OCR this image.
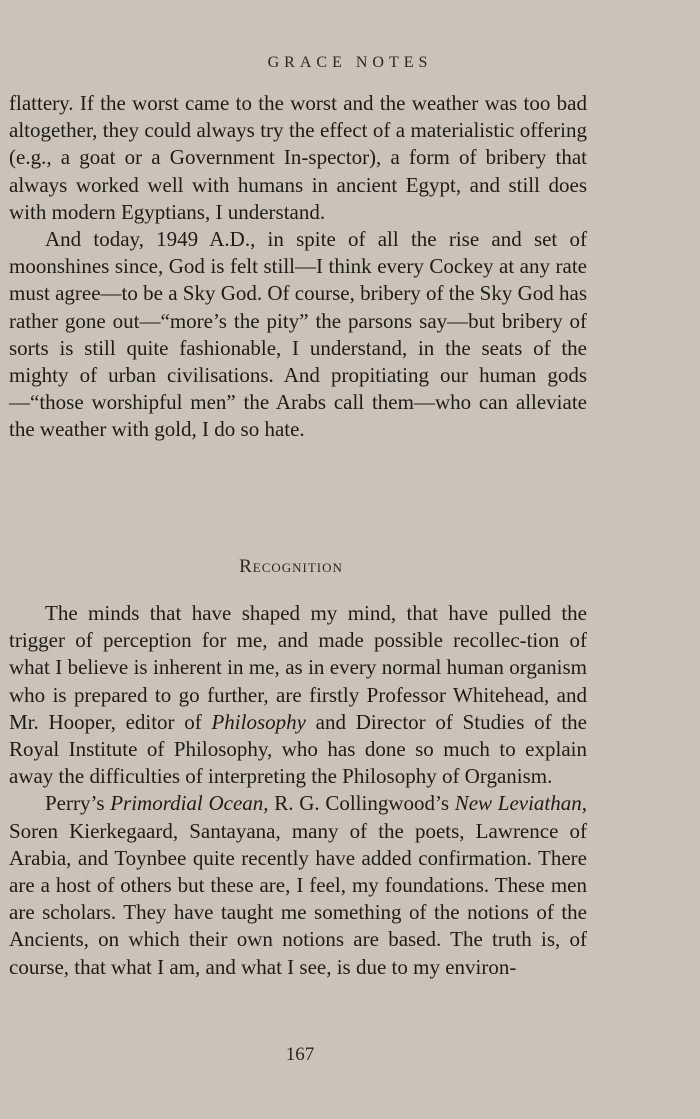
GRACE NOTES

flattery. If the worst came to the worst and the weather was too bad altogether, they could always try the effect of a materialistic offering (e.g., a goat or a Government In-spector), a form of bribery that always worked well with humans in ancient Egypt, and still does with modern Egyptians, I understand.

And today, 1949 A.D., in spite of all the rise and set of moonshines since, God is felt still—I think every Cockey at any rate must agree—to be a Sky God. Of course, bribery of the Sky God has rather gone out—“more’s the pity” the parsons say—but bribery of sorts is still quite fashionable, I understand, in the seats of the mighty of urban civilisations. And propitiating our human gods—“those worshipful men” the Arabs call them—who can alleviate the weather with gold, I do so hate.

Recognition

The minds that have shaped my mind, that have pulled the trigger of perception for me, and made possible recollec-tion of what I believe is inherent in me, as in every normal human organism who is prepared to go further, are firstly Professor Whitehead, and Mr. Hooper, editor of Philosophy and Director of Studies of the Royal Institute of Philosophy, who has done so much to explain away the difficulties of interpreting the Philosophy of Organism.

Perry’s Primordial Ocean, R. G. Collingwood’s New Leviathan, Soren Kierkegaard, Santayana, many of the poets, Lawrence of Arabia, and Toynbee quite recently have added confirmation. There are a host of others but these are, I feel, my foundations. These men are scholars. They have taught me something of the notions of the Ancients, on which their own notions are based. The truth is, of course, that what I am, and what I see, is due to my environ-

167
